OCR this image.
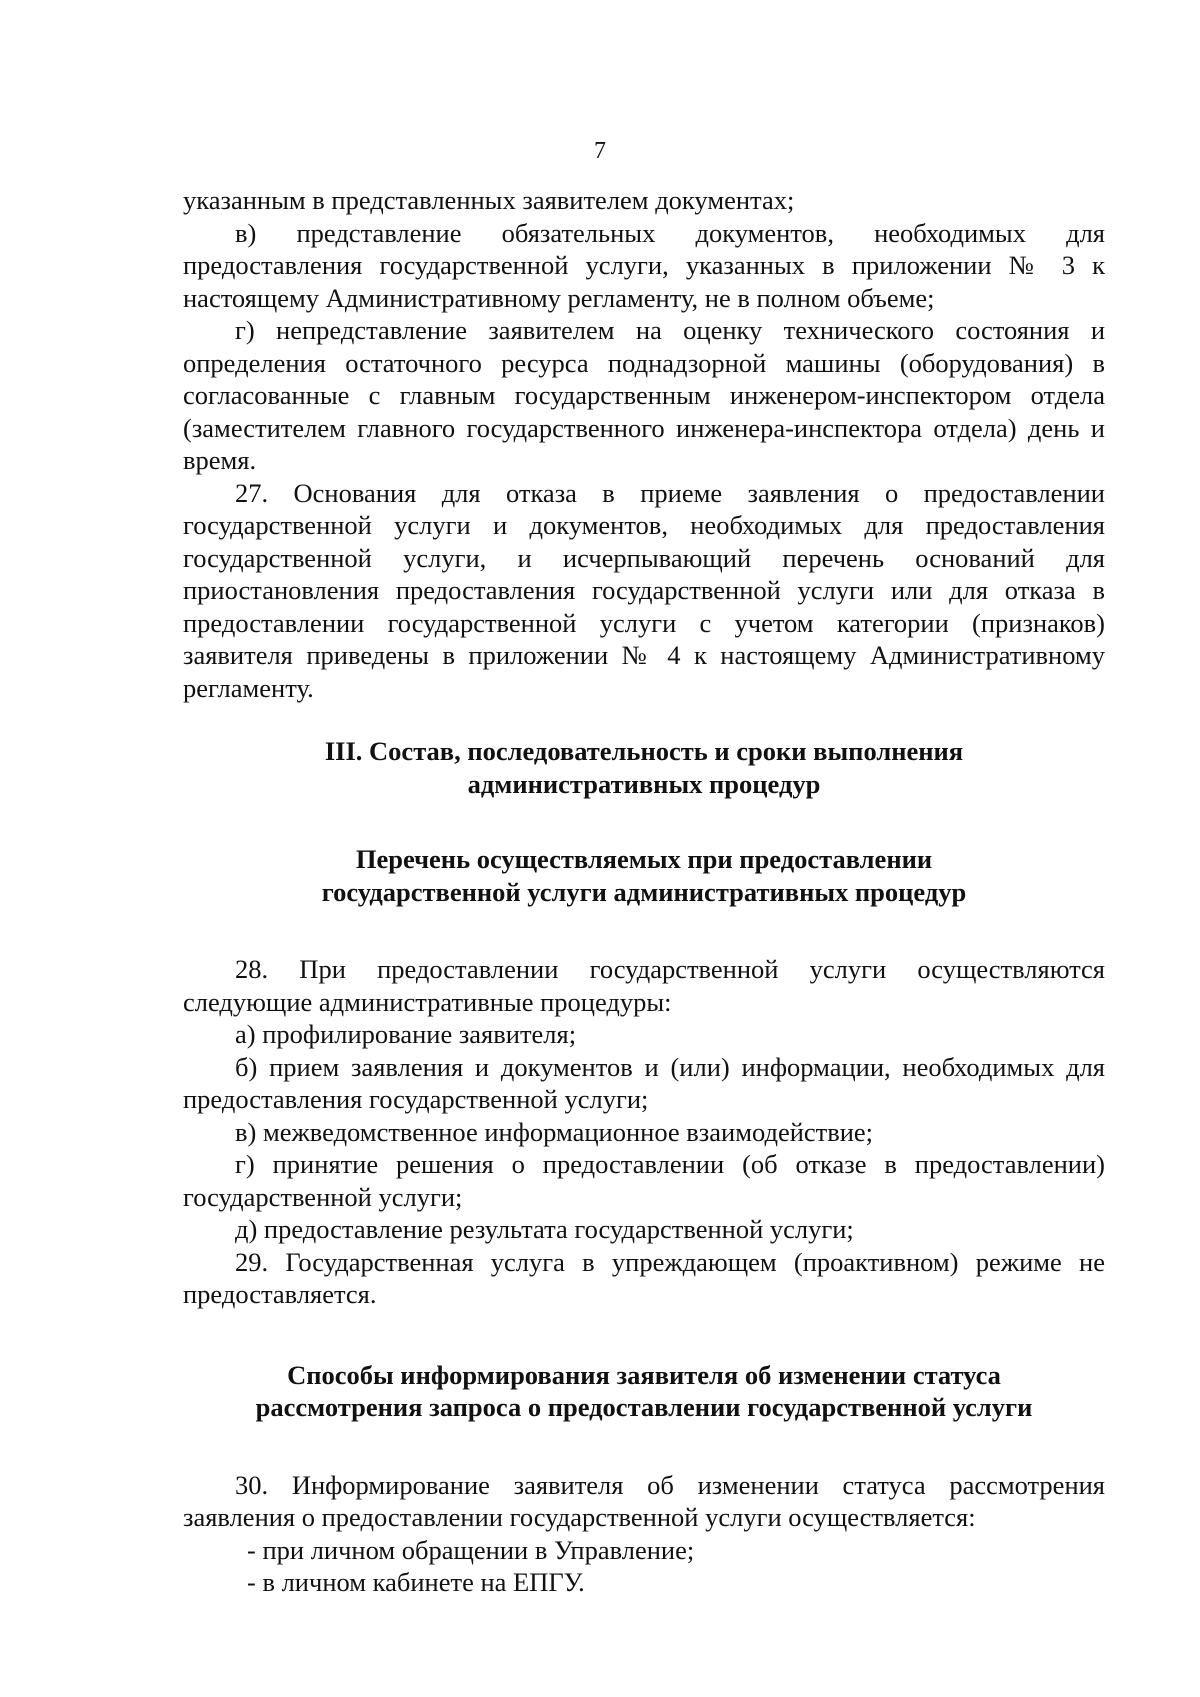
7

указанным в представленных заявителем документах;

в) представление обязательных документов, необходимых для предоставления государственной услуги, указанных в приложении № 3 к настоящему Административному регламенту, не в полном объеме;

г) непредставление заявителем на оценку технического состояния и определения остаточного ресурса поднадзорной машины (оборудования) в согласованные с главным государственным инженером-инспектором отдела (заместителем главного государственного инженера-инспектора отдела) день и время.

27. Основания для отказа в приеме заявления о предоставлении государственной услуги и документов, необходимых для предоставления государственной услуги, и исчерпывающий перечень оснований для приостановления предоставления государственной услуги или для отказа в предоставлении государственной услуги с учетом категории (признаков) заявителя приведены в приложении № 4 к настоящему Административному регламенту.

III. Состав, последовательность и сроки выполнения

административных процедур

Перечень осуществляемых при предоставлении

государственной услуги административных процедур

28. При предоставлении государственной услуги осуществляются следующие административные процедуры:

а) профилирование заявителя;

б) прием заявления и документов и (или) информации, необходимых для предоставления государственной услуги;

в) межведомственное информационное взаимодействие;

г) принятие решения о предоставлении (об отказе в предоставлении) государственной услуги;

д) предоставление результата государственной услуги;

29. Государственная услуга в упреждающем (проактивном) режиме не предоставляется.

Способы информирования заявителя об изменении статуса

рассмотрения запроса о предоставлении государственной услуги

30. Информирование заявителя об изменении статуса рассмотрения заявления о предоставлении государственной услуги осуществляется:

- при личном обращении в Управление;

- в личном кабинете на ЕПГУ.
